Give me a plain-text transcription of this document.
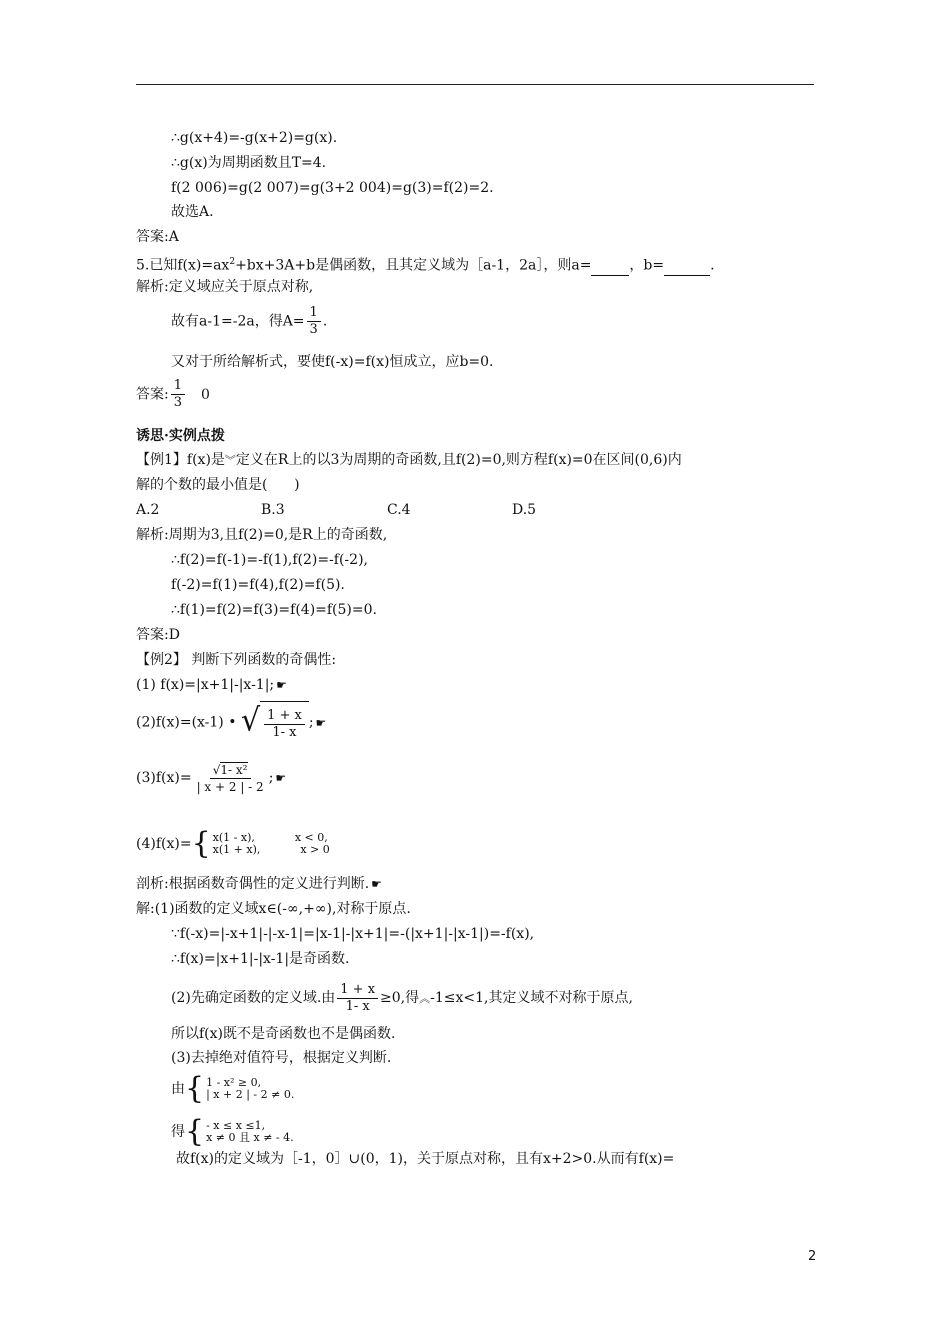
∴g(x+4)=-g(x+2)=g(x).
∴g(x)为周期函数且T=4.
f(2 006)=g(2 007)=g(3+2 004)=g(3)=f(2)=2.
故选A.
答案:A
5.已知$f(x)=ax^2+bx+3A+b$是偶函数，且其定义域为［a-1，2a］，则a=	，b=	.
解析:定义域应关于原点对称,
故有a-1=-2a，得$A= \frac{1}{3}$ .
又对于所给解析式，要使f(-x)=f(x)恒成立，应b=0.
答案: $\frac{1}{3} 0$
诱思·实例点拨
【例1】f(x)是︾定义在R上的以3为周期的奇函数,且f(2)=0,则方程f(x)=0在区间(0,6)内
解的个数的最小值是(      )
A.2	B.3	C.4	D.5
解析:周期为3,且f(2)=0,是R上的奇函数,
∴f(2)=f(-1)=-f(1),f(2)=-f(-2),
f(-2)=f(1)=f(4),f(2)=f(5).
∴f(1)=f(2)=f(3)=f(4)=f(5)=0.
答案:D
【例2】 判断下列函数的奇偶性:
(1) f(x)=|x+1|-|x-1|; ☛
(2)f(x)=(x-1) • √ $\frac{1 + x}{1- x}$ ; ☛
$(3)f(x)= \frac{\text{√1- x²}}{| x + 2 | - 2}$ ; ☛
(4)f(x)= { x(1 - x),	x < 0,
x(1 + x),	x > 0
剖析:根据函数奇偶性的定义进行判断. ☛
解:(1)函数的定义域x∈(-∞,+∞),对称于原点.
∵f(-x)=|-x+1|-|-x-1|=|x-1|-|x+1|=-(|x+1|-|x-1|)=-f(x),
∴f(x)=|x+1|-|x-1|是奇函数.
(2)先确定函数的定义域.由 $\frac{1 + x}{1- x} \ge 0$,得︽-1≤x<1,其定义域不对称于原点,
所以f(x)既不是奇函数也不是偶函数.
(3)去掉绝对值符号，根据定义判断.
由 { 1 - x² ≥ 0,
| x + 2 | - 2 ≠ 0.
得 { - x ≤ x ≤1,
x ≠ 0 且 x ≠ - 4.
故f(x)的定义域为［-1，0］∪(0，1)，关于原点对称，且有x+2>0.从而有f(x)=
2
